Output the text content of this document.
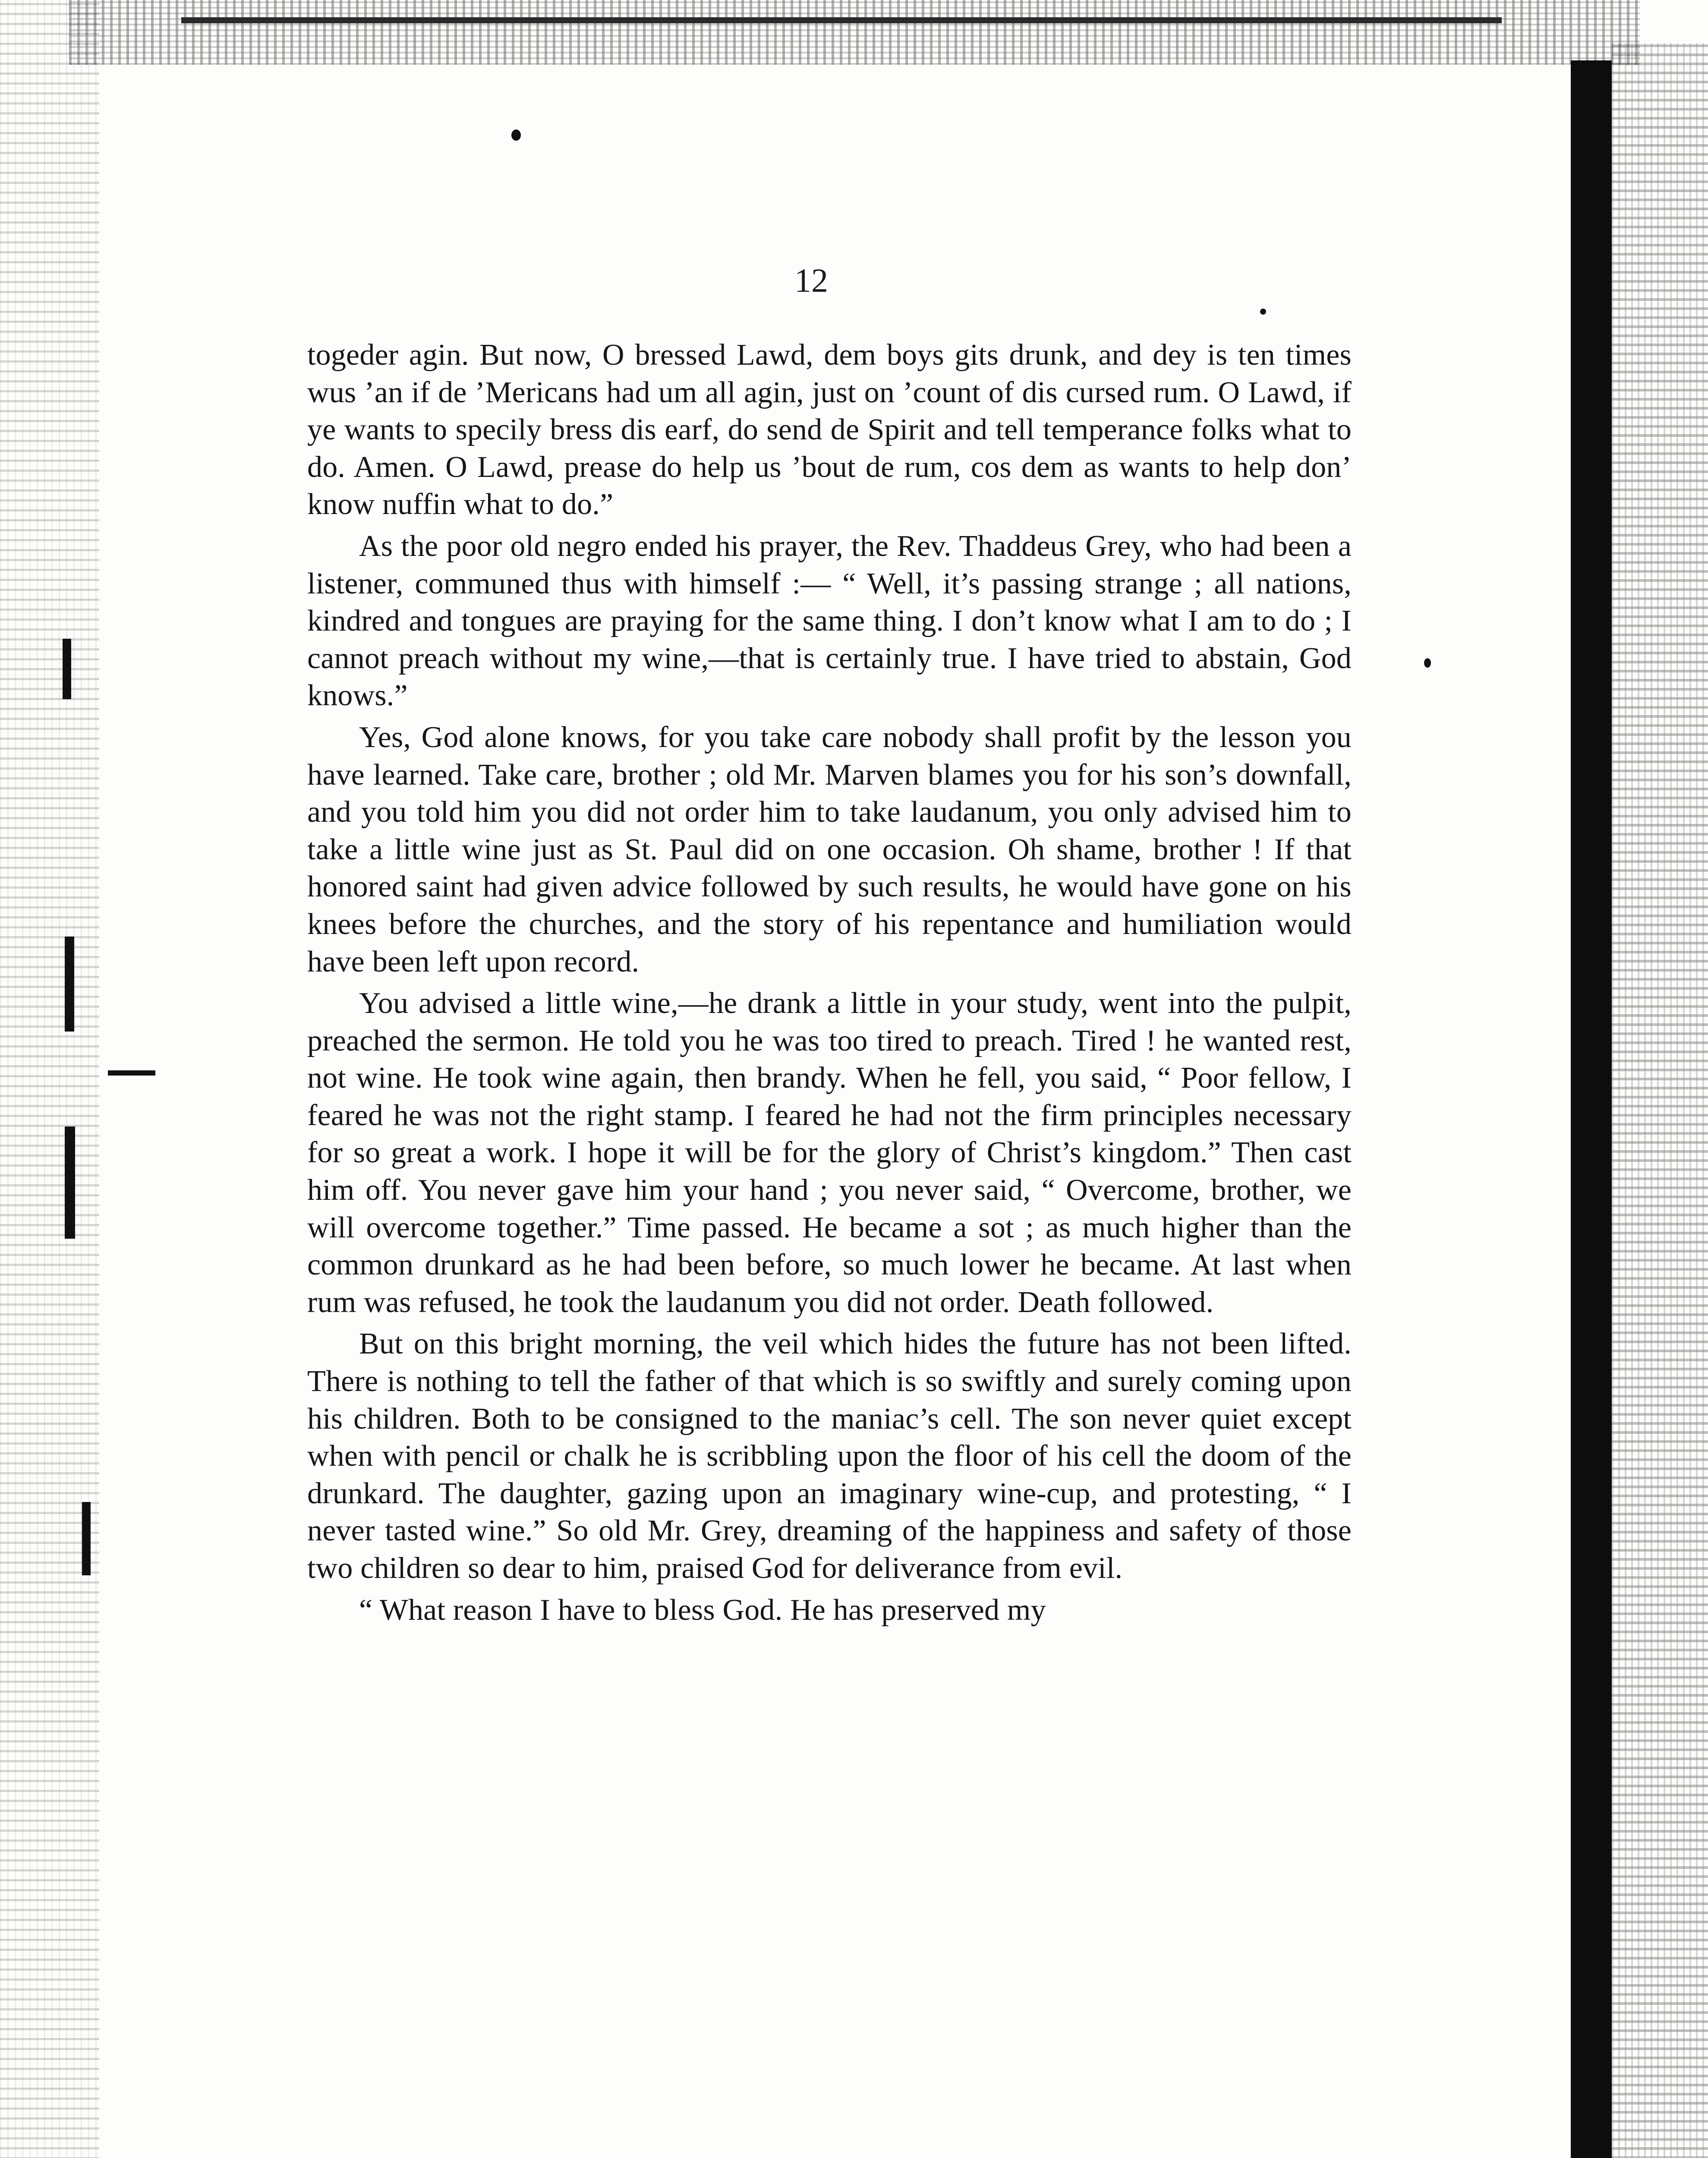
12

togeder agin. But now, O bressed Lawd, dem boys gits drunk, and dey is ten times wus ’an if de ’Mericans had um all agin, just on ’count of dis cursed rum. O Lawd, if ye wants to specily bress dis earf, do send de Spirit and tell temperance folks what to do. Amen. O Lawd, prease do help us ’bout de rum, cos dem as wants to help don’ know nuffin what to do.”

As the poor old negro ended his prayer, the Rev. Thaddeus Grey, who had been a listener, communed thus with himself :— “ Well, it’s passing strange ; all nations, kindred and tongues are praying for the same thing. I don’t know what I am to do ; I cannot preach without my wine,—that is certainly true. I have tried to abstain, God knows.”

Yes, God alone knows, for you take care nobody shall profit by the lesson you have learned. Take care, brother ; old Mr. Marven blames you for his son’s downfall, and you told him you did not order him to take laudanum, you only advised him to take a little wine just as St. Paul did on one occasion. Oh shame, brother ! If that honored saint had given advice followed by such results, he would have gone on his knees before the churches, and the story of his repentance and humiliation would have been left upon record.

You advised a little wine,—he drank a little in your study, went into the pulpit, preached the sermon. He told you he was too tired to preach. Tired ! he wanted rest, not wine. He took wine again, then brandy. When he fell, you said, “ Poor fellow, I feared he was not the right stamp. I feared he had not the firm principles necessary for so great a work. I hope it will be for the glory of Christ’s kingdom.” Then cast him off. You never gave him your hand ; you never said, “ Overcome, brother, we will overcome together.” Time passed. He became a sot ; as much higher than the common drunkard as he had been before, so much lower he became. At last when rum was refused, he took the laudanum you did not order. Death followed.

But on this bright morning, the veil which hides the future has not been lifted. There is nothing to tell the father of that which is so swiftly and surely coming upon his children. Both to be consigned to the maniac’s cell. The son never quiet except when with pencil or chalk he is scribbling upon the floor of his cell the doom of the drunkard. The daughter, gazing upon an imaginary wine-cup, and protesting, “ I never tasted wine.” So old Mr. Grey, dreaming of the happiness and safety of those two children so dear to him, praised God for deliverance from evil.

“ What reason I have to bless God. He has preserved my
